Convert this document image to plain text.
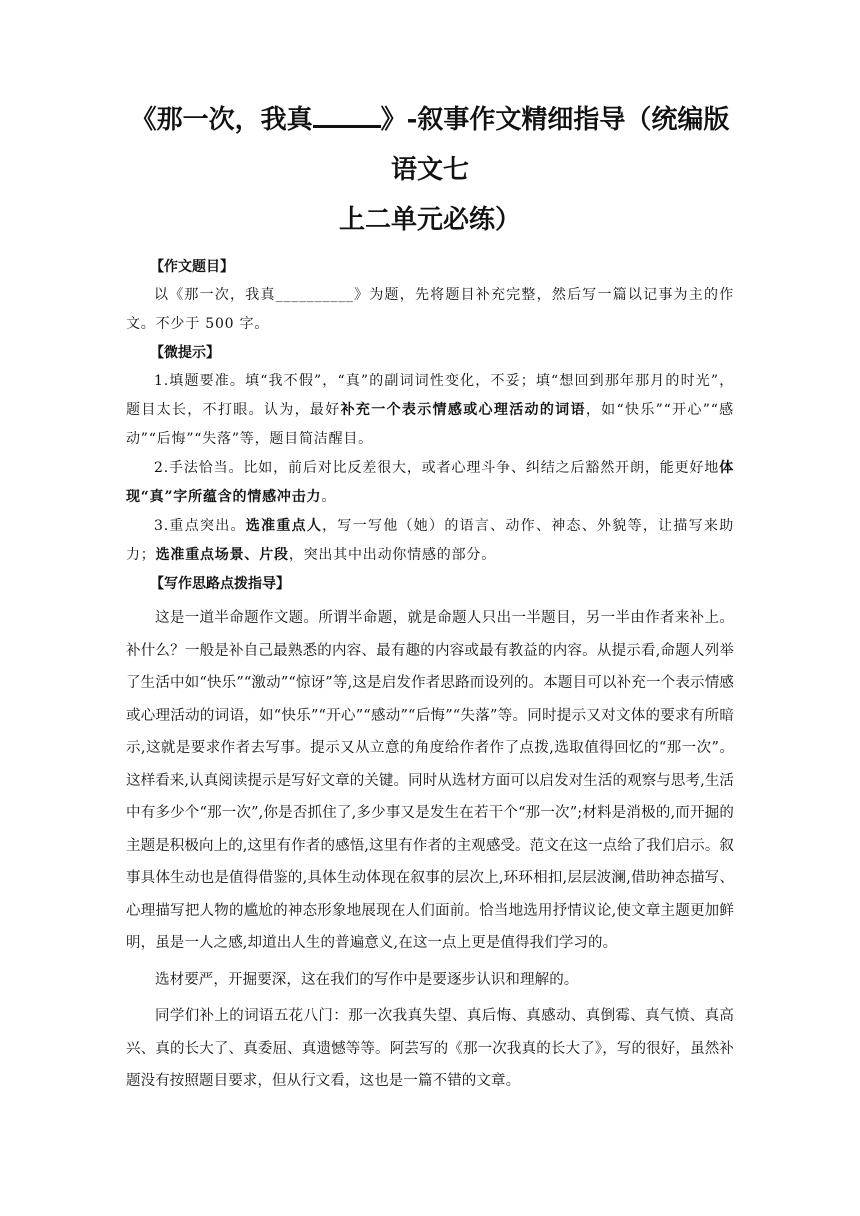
《那一次，我真	》-叙事作文精细指导（统编版语文七
上二单元必练）

【作文题目】

以《那一次，我真__________》为题，先将题目补充完整，然后写一篇以记事为主的作文。不少于 500 字。

【微提示】

1.填题要准。填“我不假”，“真”的副词词性变化，不妥；填“想回到那年那月的时光”，题目太长，不打眼。认为，最好补充一个表示情感或心理活动的词语，如“快乐”“开心”“感动”“后悔”“失落”等，题目简洁醒目。

2.手法恰当。比如，前后对比反差很大，或者心理斗争、纠结之后豁然开朗，能更好地体现“真”字所蕴含的情感冲击力。

3.重点突出。选准重点人，写一写他（她）的语言、动作、神态、外貌等，让描写来助力；选准重点场景、片段，突出其中出动你情感的部分。

【写作思路点拨指导】

这是一道半命题作文题。所谓半命题，就是命题人只出一半题目，另一半由作者来补上。补什么？一般是补自己最熟悉的内容、最有趣的内容或最有教益的内容。从提示看,命题人列举了生活中如“快乐”“激动”“惊讶”等,这是启发作者思路而设列的。本题目可以补充一个表示情感或心理活动的词语，如“快乐”“开心”“感动”“后悔”“失落”等。同时提示又对文体的要求有所暗示,这就是要求作者去写事。提示又从立意的角度给作者作了点拨,选取值得回忆的“那一次”。这样看来,认真阅读提示是写好文章的关键。同时从选材方面可以启发对生活的观察与思考,生活中有多少个“那一次”,你是否抓住了,多少事又是发生在若干个“那一次”;材料是消极的,而开掘的主题是积极向上的,这里有作者的感悟,这里有作者的主观感受。范文在这一点给了我们启示。叙事具体生动也是值得借鉴的,具体生动体现在叙事的层次上,环环相扣,层层波澜,借助神态描写、心理描写把人物的尴尬的神态形象地展现在人们面前。恰当地选用抒情议论,使文章主题更加鲜明，虽是一人之感,却道出人生的普遍意义,在这一点上更是值得我们学习的。

选材要严，开掘要深，这在我们的写作中是要逐步认识和理解的。

同学们补上的词语五花八门：那一次我真失望、真后悔、真感动、真倒霉、真气愤、真高兴、真的长大了、真委屈、真遗憾等等。阿芸写的《那一次我真的长大了》，写的很好，虽然补题没有按照题目要求，但从行文看，这也是一篇不错的文章。
